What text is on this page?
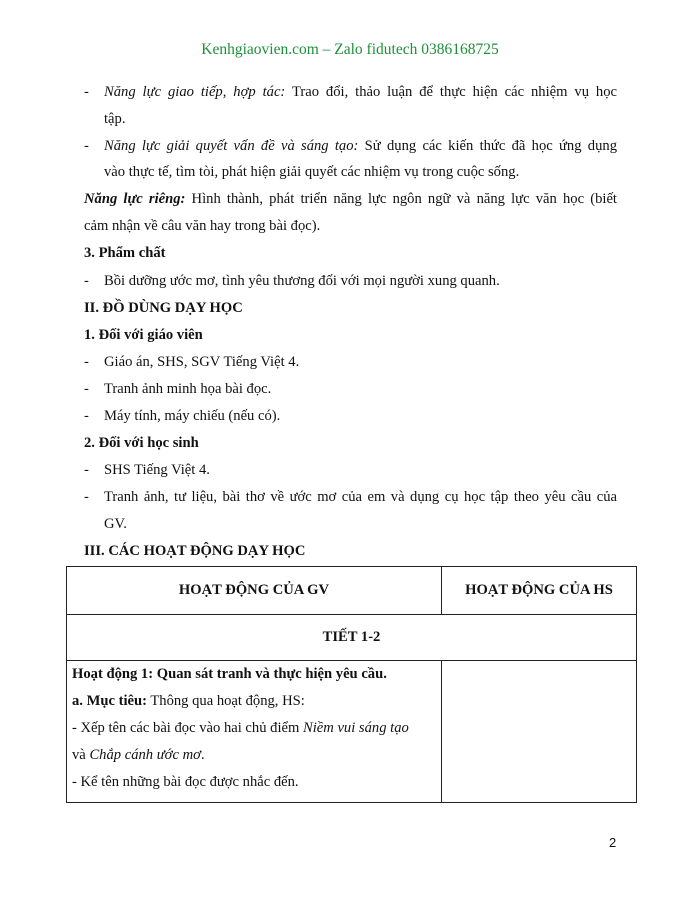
Kenhgiaovien.com – Zalo fidutech 0386168725
- Năng lực giao tiếp, hợp tác: Trao đổi, thảo luận để thực hiện các nhiệm vụ học
tập.
- Năng lực giải quyết vấn đề và sáng tạo: Sử dụng các kiến thức đã học ứng dụng
vào thực tế, tìm tòi, phát hiện giải quyết các nhiệm vụ trong cuộc sống.
Năng lực riêng: Hình thành, phát triển năng lực ngôn ngữ và năng lực văn học (biết
cảm nhận về câu văn hay trong bài đọc).
3. Phẩm chất
- Bồi dưỡng ước mơ, tình yêu thương đối với mọi người xung quanh.
II. ĐỒ DÙNG DẠY HỌC
1. Đối với giáo viên
- Giáo án, SHS, SGV Tiếng Việt 4.
- Tranh ảnh minh họa bài đọc.
- Máy tính, máy chiếu (nếu có).
2. Đối với học sinh
- SHS Tiếng Việt 4.
- Tranh ảnh, tư liệu, bài thơ về ước mơ của em và dụng cụ học tập theo yêu cầu của
GV.
III. CÁC HOẠT ĐỘNG DẠY HỌC
HOẠT ĐỘNG CỦA GV	HOẠT ĐỘNG CỦA HS
TIẾT 1-2	

Hoạt động 1: Quan sát tranh và thực hiện yêu cầu.
a. Mục tiêu: Thông qua hoạt động, HS:
- Xếp tên các bài đọc vào hai chủ điểm Niềm vui sáng tạo
và Chắp cánh ước mơ.
- Kể tên những bài đọc được nhắc đến.	

2
